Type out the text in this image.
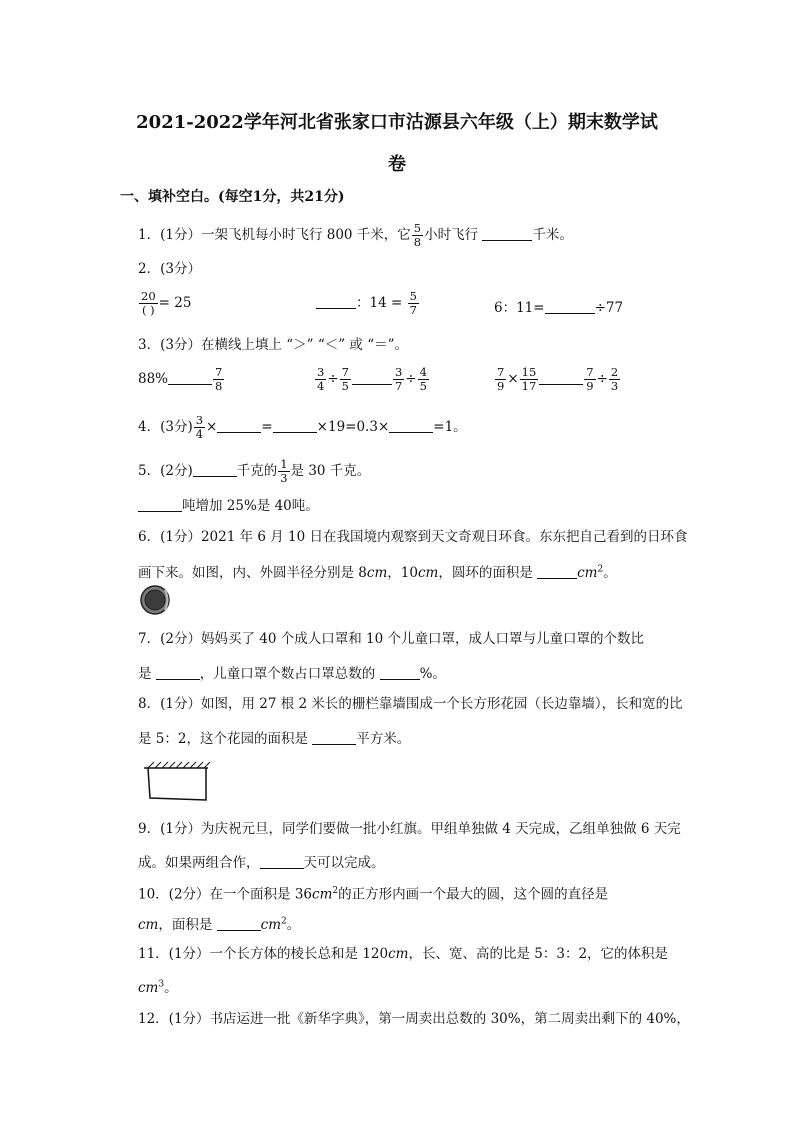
2021-2022学年河北省张家口市沽源县六年级（上）期末数学试
卷
一、填补空白。(每空1分，共21分)
1．(1分）一架飞机每小时飞行 800 千米，它 $\frac{5}{8}$ 小时飞行	千米。
2．(3分）
$\frac{20}{( )} = 25$	：$14 = \frac{5}{7}$	6：11=	÷77
3．(3分）在横线上填上 “＞” “＜” 或 “＝”。
88%	$\frac{7}{8}$	$\frac{3}{4} \div \frac{7}{5}$	$\frac{3}{7} \div \frac{4}{5}$	$\frac{7}{9} \times \frac{15}{17}$	$\frac{7}{9} \div \frac{2}{3}$
4．(3分) $\frac{3}{4}$ ×	=	×19=0.3×	=1。
5．(2分)	千克的 $\frac{1}{3}$ 是 30 千克。
吨增加 25%是 40吨。
6．(1分）2021 年 6 月 10 日在我国境内观察到天文奇观日环食。东东把自己看到的日环食
画下来。如图，内、外圆半径分别是 8cm，10cm，圆环的面积是	$cm^2$。
7．(2分）妈妈买了 40 个成人口罩和 10 个儿童口罩，成人口罩与儿童口罩的个数比
是	，儿童口罩个数占口罩总数的	%。
8．(1分）如图，用 27 根 2 米长的栅栏靠墙围成一个长方形花园（长边靠墙），长和宽的比
是 5：2，这个花园的面积是	平方米。
9．(1分）为庆祝元旦，同学们要做一批小红旗。甲组单独做 4 天完成，乙组单独做 6 天完
成。如果两组合作，	天可以完成。
10．(2分）在一个面积是 $36cm^2$的正方形内画一个最大的圆，这个圆的直径是
cm，面积是	$cm^2$。
11．(1分）一个长方体的棱长总和是 120cm，长、宽、高的比是 5：3：2，它的体积是
$cm^3$。
12．(1分）书店运进一批《新华字典》，第一周卖出总数的 30%，第二周卖出剩下的 40%，
